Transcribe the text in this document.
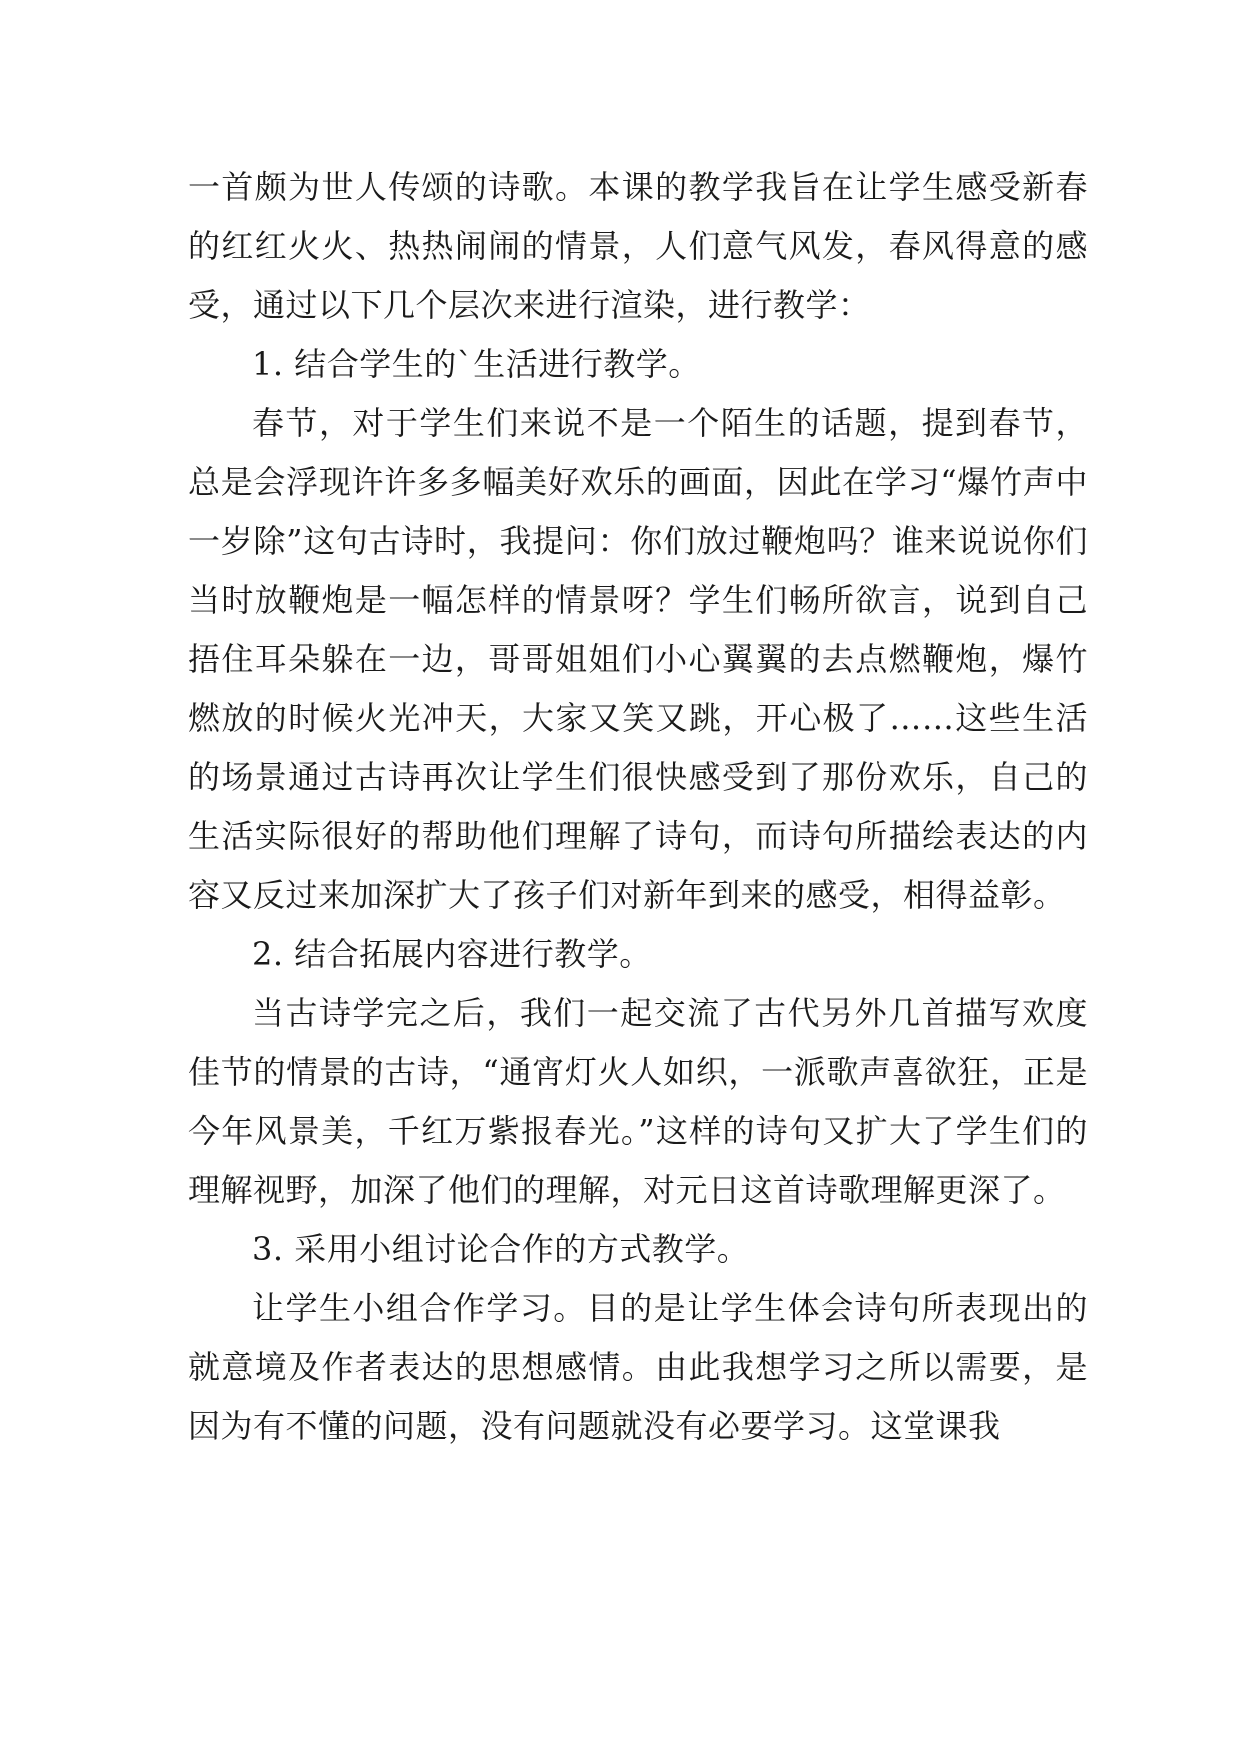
一首颇为世人传颂的诗歌。本课的教学我旨在让学生感受新春的红红火火、热热闹闹的情景，人们意气风发，春风得意的感受，通过以下几个层次来进行渲染，进行教学：

1. 结合学生的`生活进行教学。

春节，对于学生们来说不是一个陌生的话题，提到春节，总是会浮现许许多多幅美好欢乐的画面，因此在学习“爆竹声中一岁除”这句古诗时，我提问：你们放过鞭炮吗？谁来说说你们当时放鞭炮是一幅怎样的情景呀？学生们畅所欲言，说到自己捂住耳朵躲在一边，哥哥姐姐们小心翼翼的去点燃鞭炮，爆竹燃放的时候火光冲天，大家又笑又跳，开心极了……这些生活的场景通过古诗再次让学生们很快感受到了那份欢乐，自己的生活实际很好的帮助他们理解了诗句，而诗句所描绘表达的内容又反过来加深扩大了孩子们对新年到来的感受，相得益彰。

2. 结合拓展内容进行教学。

当古诗学完之后，我们一起交流了古代另外几首描写欢度佳节的情景的古诗，“通宵灯火人如织，一派歌声喜欲狂，正是今年风景美，千红万紫报春光。”这样的诗句又扩大了学生们的理解视野，加深了他们的理解，对元日这首诗歌理解更深了。

3. 采用小组讨论合作的方式教学。

让学生小组合作学习。目的是让学生体会诗句所表现出的就意境及作者表达的思想感情。由此我想学习之所以需要，是因为有不懂的问题，没有问题就没有必要学习。这堂课我
